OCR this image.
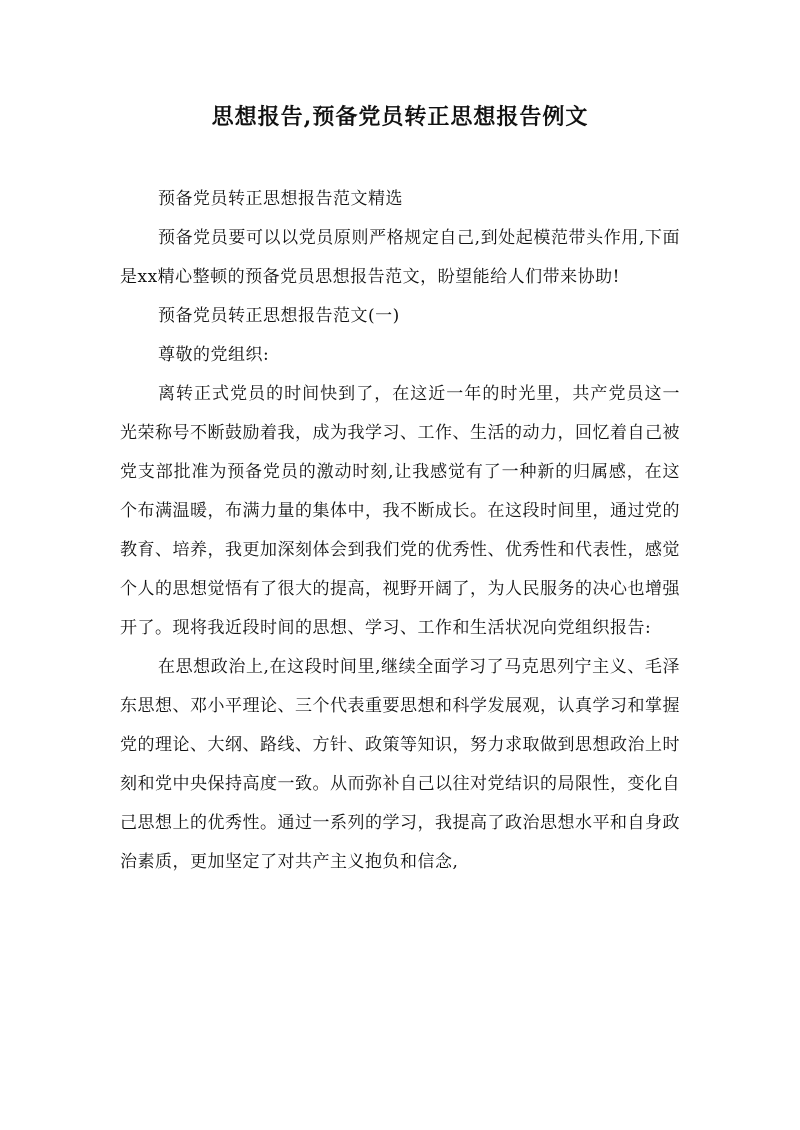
思想报告,预备党员转正思想报告例文

预备党员转正思想报告范文精选

预备党员要可以以党员原则严格规定自己,到处起模范带头作用,下面是xx精心整顿的预备党员思想报告范文，盼望能给人们带来协助!

预备党员转正思想报告范文(一)

尊敬的党组织:

离转正式党员的时间快到了，在这近一年的时光里，共产党员这一光荣称号不断鼓励着我，成为我学习、工作、生活的动力，回忆着自己被党支部批准为预备党员的激动时刻,让我感觉有了一种新的归属感，在这个布满温暖，布满力量的集体中，我不断成长。在这段时间里，通过党的教育、培养，我更加深刻体会到我们党的优秀性、优秀性和代表性，感觉个人的思想觉悟有了很大的提高，视野开阔了，为人民服务的决心也增强开了。现将我近段时间的思想、学习、工作和生活状况向党组织报告:

在思想政治上,在这段时间里,继续全面学习了马克思列宁主义、毛泽东思想、邓小平理论、三个代表重要思想和科学发展观，认真学习和掌握党的理论、大纲、路线、方针、政策等知识，努力求取做到思想政治上时刻和党中央保持高度一致。从而弥补自己以往对党结识的局限性，变化自己思想上的优秀性。通过一系列的学习，我提高了政治思想水平和自身政治素质，更加坚定了对共产主义抱负和信念,
